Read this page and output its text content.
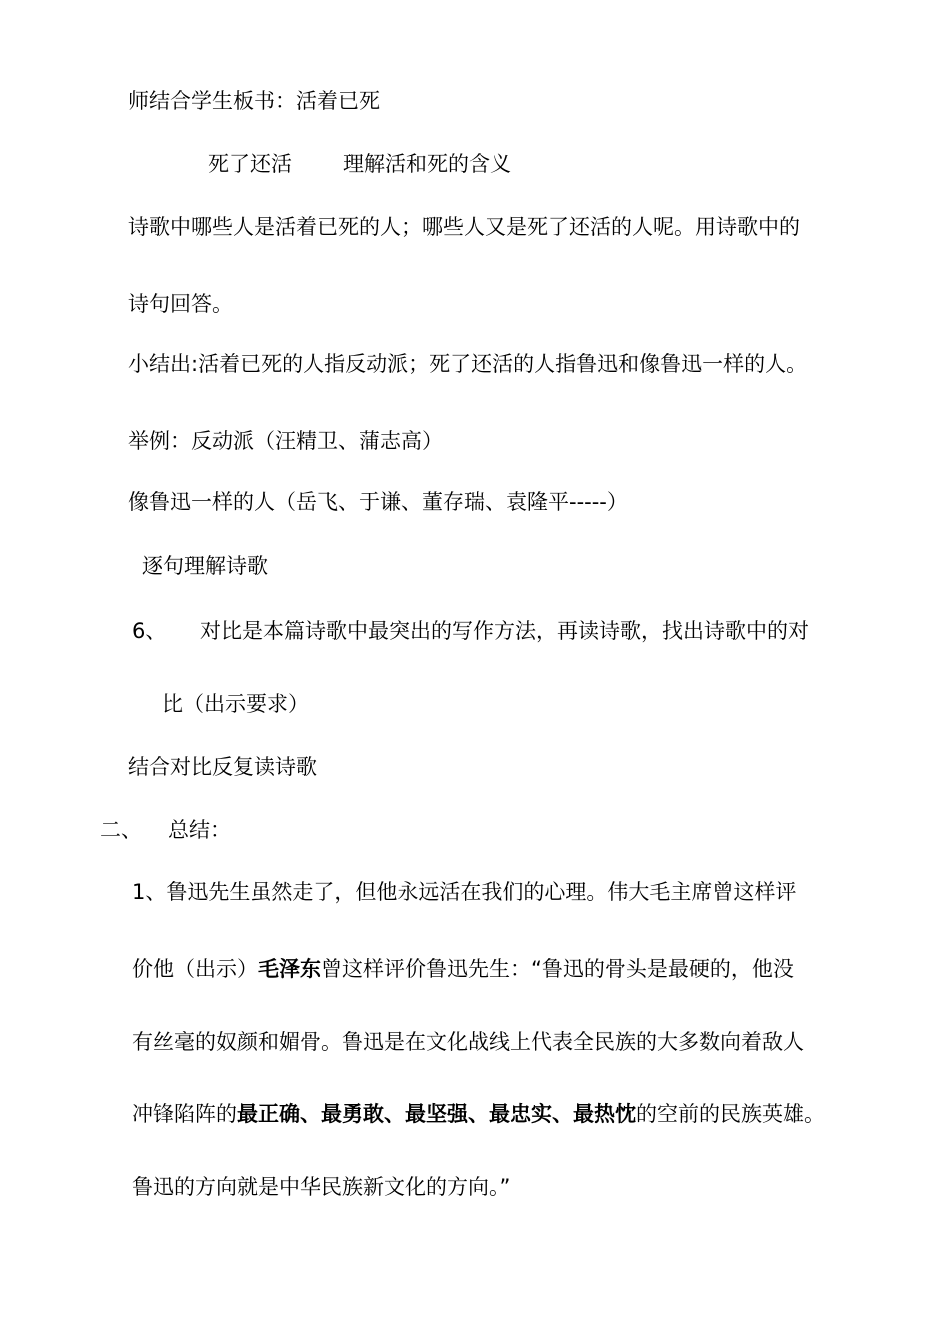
师结合学生板书：活着已死
死了还活 理解活和死的含义
诗歌中哪些人是活着已死的人；哪些人又是死了还活的人呢。用诗歌中的
诗句回答。
小结出:活着已死的人指反动派；死了还活的人指鲁迅和像鲁迅一样的人。
举例：反动派（汪精卫、蒲志高）
像鲁迅一样的人（岳飞、于谦、董存瑞、袁隆平-----）
逐句理解诗歌
6、 对比是本篇诗歌中最突出的写作方法，再读诗歌，找出诗歌中的对
比（出示要求）
结合对比反复读诗歌
二、 总结：
1、鲁迅先生虽然走了，但他永远活在我们的心理。伟大毛主席曾这样评
价他（出示）毛泽东曾这样评价鲁迅先生：“鲁迅的骨头是最硬的，他没
有丝毫的奴颜和媚骨。鲁迅是在文化战线上代表全民族的大多数向着敌人
冲锋陷阵的最正确、最勇敢、最坚强、最忠实、最热忱的空前的民族英雄。
鲁迅的方向就是中华民族新文化的方向。”
